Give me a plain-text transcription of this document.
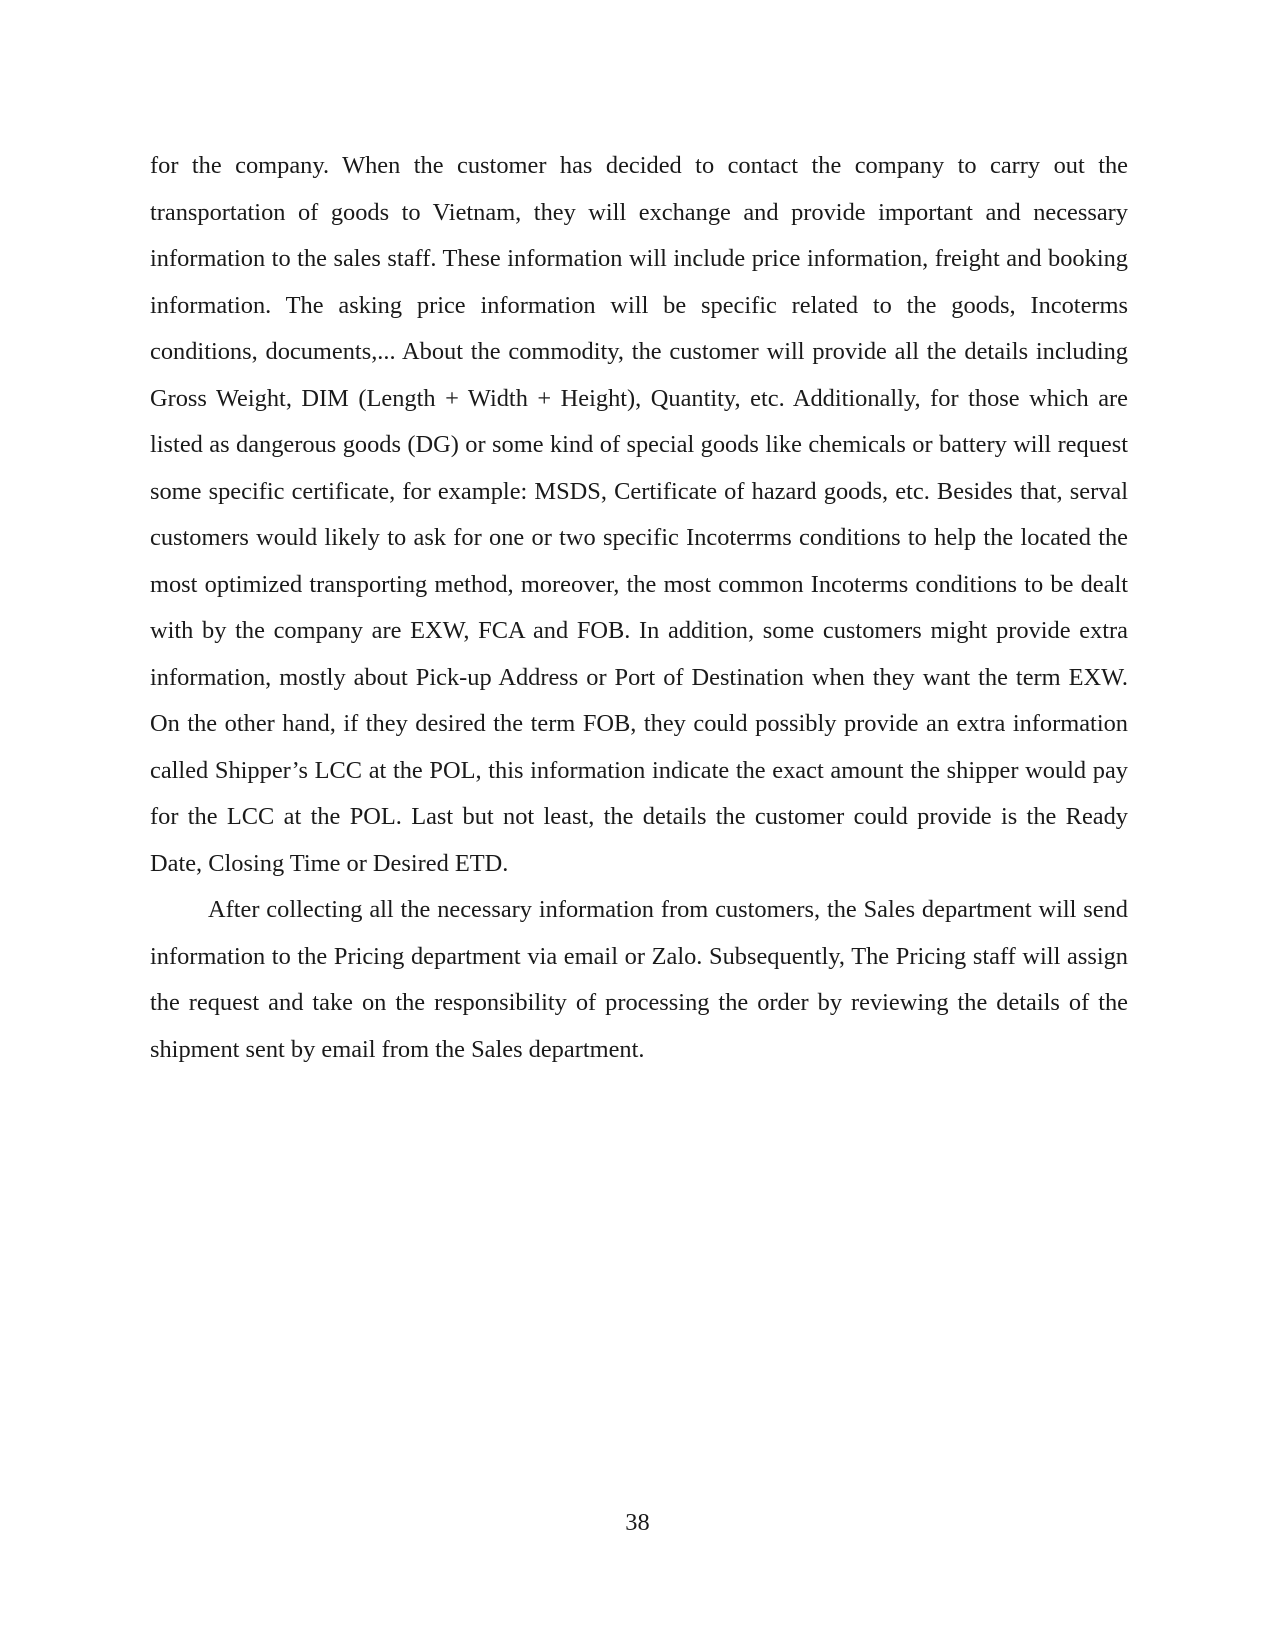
for the company. When the customer has decided to contact the company to carry out the transportation of goods to Vietnam, they will exchange and provide important and necessary information to the sales staff. These information will include price information, freight and booking information. The asking price information will be specific related to the goods, Incoterms conditions, documents,... About the commodity, the customer will provide all the details including Gross Weight, DIM (Length + Width + Height), Quantity, etc. Additionally, for those which are listed as dangerous goods (DG) or some kind of special goods like chemicals or battery will request some specific certificate, for example: MSDS, Certificate of hazard goods, etc. Besides that, serval customers would likely to ask for one or two specific Incoterrms conditions to help the located the most optimized transporting method, moreover, the most common Incoterms conditions to be dealt with by the company are EXW, FCA and FOB. In addition, some customers might provide extra information, mostly about Pick-up Address or Port of Destination when they want the term EXW. On the other hand, if they desired the term FOB, they could possibly provide an extra information called Shipper’s LCC at the POL, this information indicate the exact amount the shipper would pay for the LCC at the POL. Last but not least, the details the customer could provide is the Ready Date, Closing Time or Desired ETD.

After collecting all the necessary information from customers, the Sales department will send information to the Pricing department via email or Zalo. Subsequently, The Pricing staff will assign the request and take on the responsibility of processing the order by reviewing the details of the shipment sent by email from the Sales department.

38
